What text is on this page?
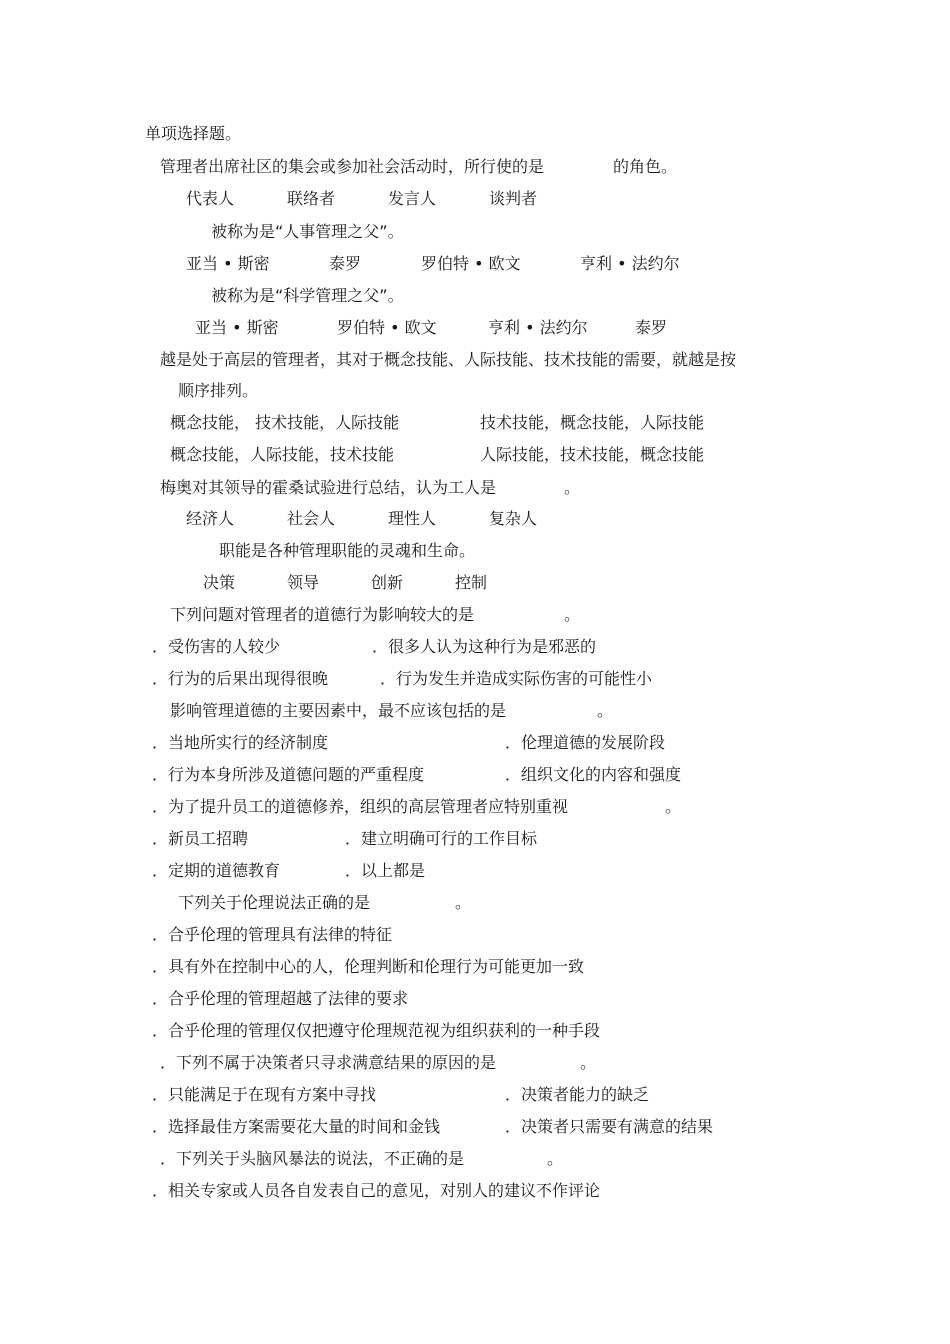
单项选择题。
管理者出席社区的集会或参加社会活动时，所行使的是	的角色。
代表人	联络者	发言人	谈判者
被称为是“人事管理之父”。
亚当 • 斯密	泰罗	罗伯特 • 欧文	亨利 • 法约尔
被称为是“科学管理之父”。
亚当 • 斯密	罗伯特 • 欧文	亨利 • 法约尔	泰罗
越是处于高层的管理者，其对于概念技能、人际技能、技术技能的需要，就越是按
顺序排列。
概念技能， 技术技能，人际技能	技术技能，概念技能，人际技能
概念技能，人际技能，技术技能	人际技能，技术技能，概念技能
梅奥对其领导的霍桑试验进行总结，认为工人是	。
经济人	社会人	理性人	复杂人
职能是各种管理职能的灵魂和生命。
决策	领导	创新	控制
下列问题对管理者的道德行为影响较大的是	。
．受伤害的人较少	．很多人认为这种行为是邪恶的
．行为的后果出现得很晚	．行为发生并造成实际伤害的可能性小
影响管理道德的主要因素中，最不应该包括的是	。
．当地所实行的经济制度	．伦理道德的发展阶段
．行为本身所涉及道德问题的严重程度	．组织文化的内容和强度
．为了提升员工的道德修养，组织的高层管理者应特别重视	。
．新员工招聘	．建立明确可行的工作目标
．定期的道德教育	．以上都是
下列关于伦理说法正确的是	。
．合乎伦理的管理具有法律的特征
．具有外在控制中心的人，伦理判断和伦理行为可能更加一致
．合乎伦理的管理超越了法律的要求
．合乎伦理的管理仅仅把遵守伦理规范视为组织获利的一种手段
．下列不属于决策者只寻求满意结果的原因的是	。
．只能满足于在现有方案中寻找	．决策者能力的缺乏
．选择最佳方案需要花大量的时间和金钱	．决策者只需要有满意的结果
．下列关于头脑风暴法的说法，不正确的是	。
．相关专家或人员各自发表自己的意见，对别人的建议不作评论
